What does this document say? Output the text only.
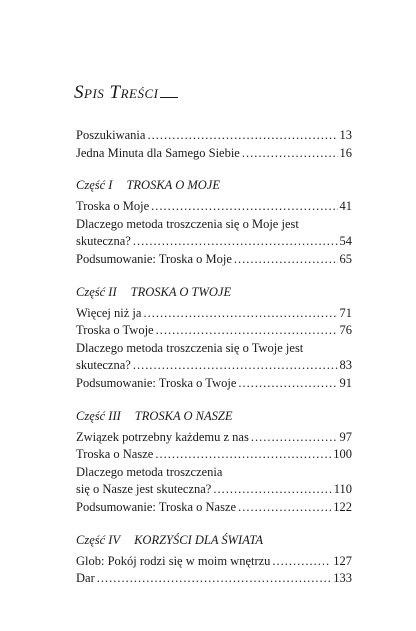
Spis Treści
Poszukiwania .....	13
Jedna Minuta dla Samego Siebie .....	16
Część I TROSKA O MOJE
Troska o Moje .....	41
Dlaczego metoda troszczenia się o Moje jest
skuteczna? .....	54
Podsumowanie: Troska o Moje .....	65
Część II TROSKA O TWOJE
Więcej niż ja .....	71
Troska o Twoje .....	76
Dlaczego metoda troszczenia się o Twoje jest
skuteczna? .....	83
Podsumowanie: Troska o Twoje .....	91
Część III TROSKA O NASZE
Związek potrzebny każdemu z nas .....	97
Troska o Nasze .....	100
Dlaczego metoda troszczenia
się o Nasze jest skuteczna? .....	110
Podsumowanie: Troska o Nasze .....	122
Część IV KORZYŚCI DLA ŚWIATA
Glob: Pokój rodzi się w moim wnętrzu .....	127
Dar .....	133
